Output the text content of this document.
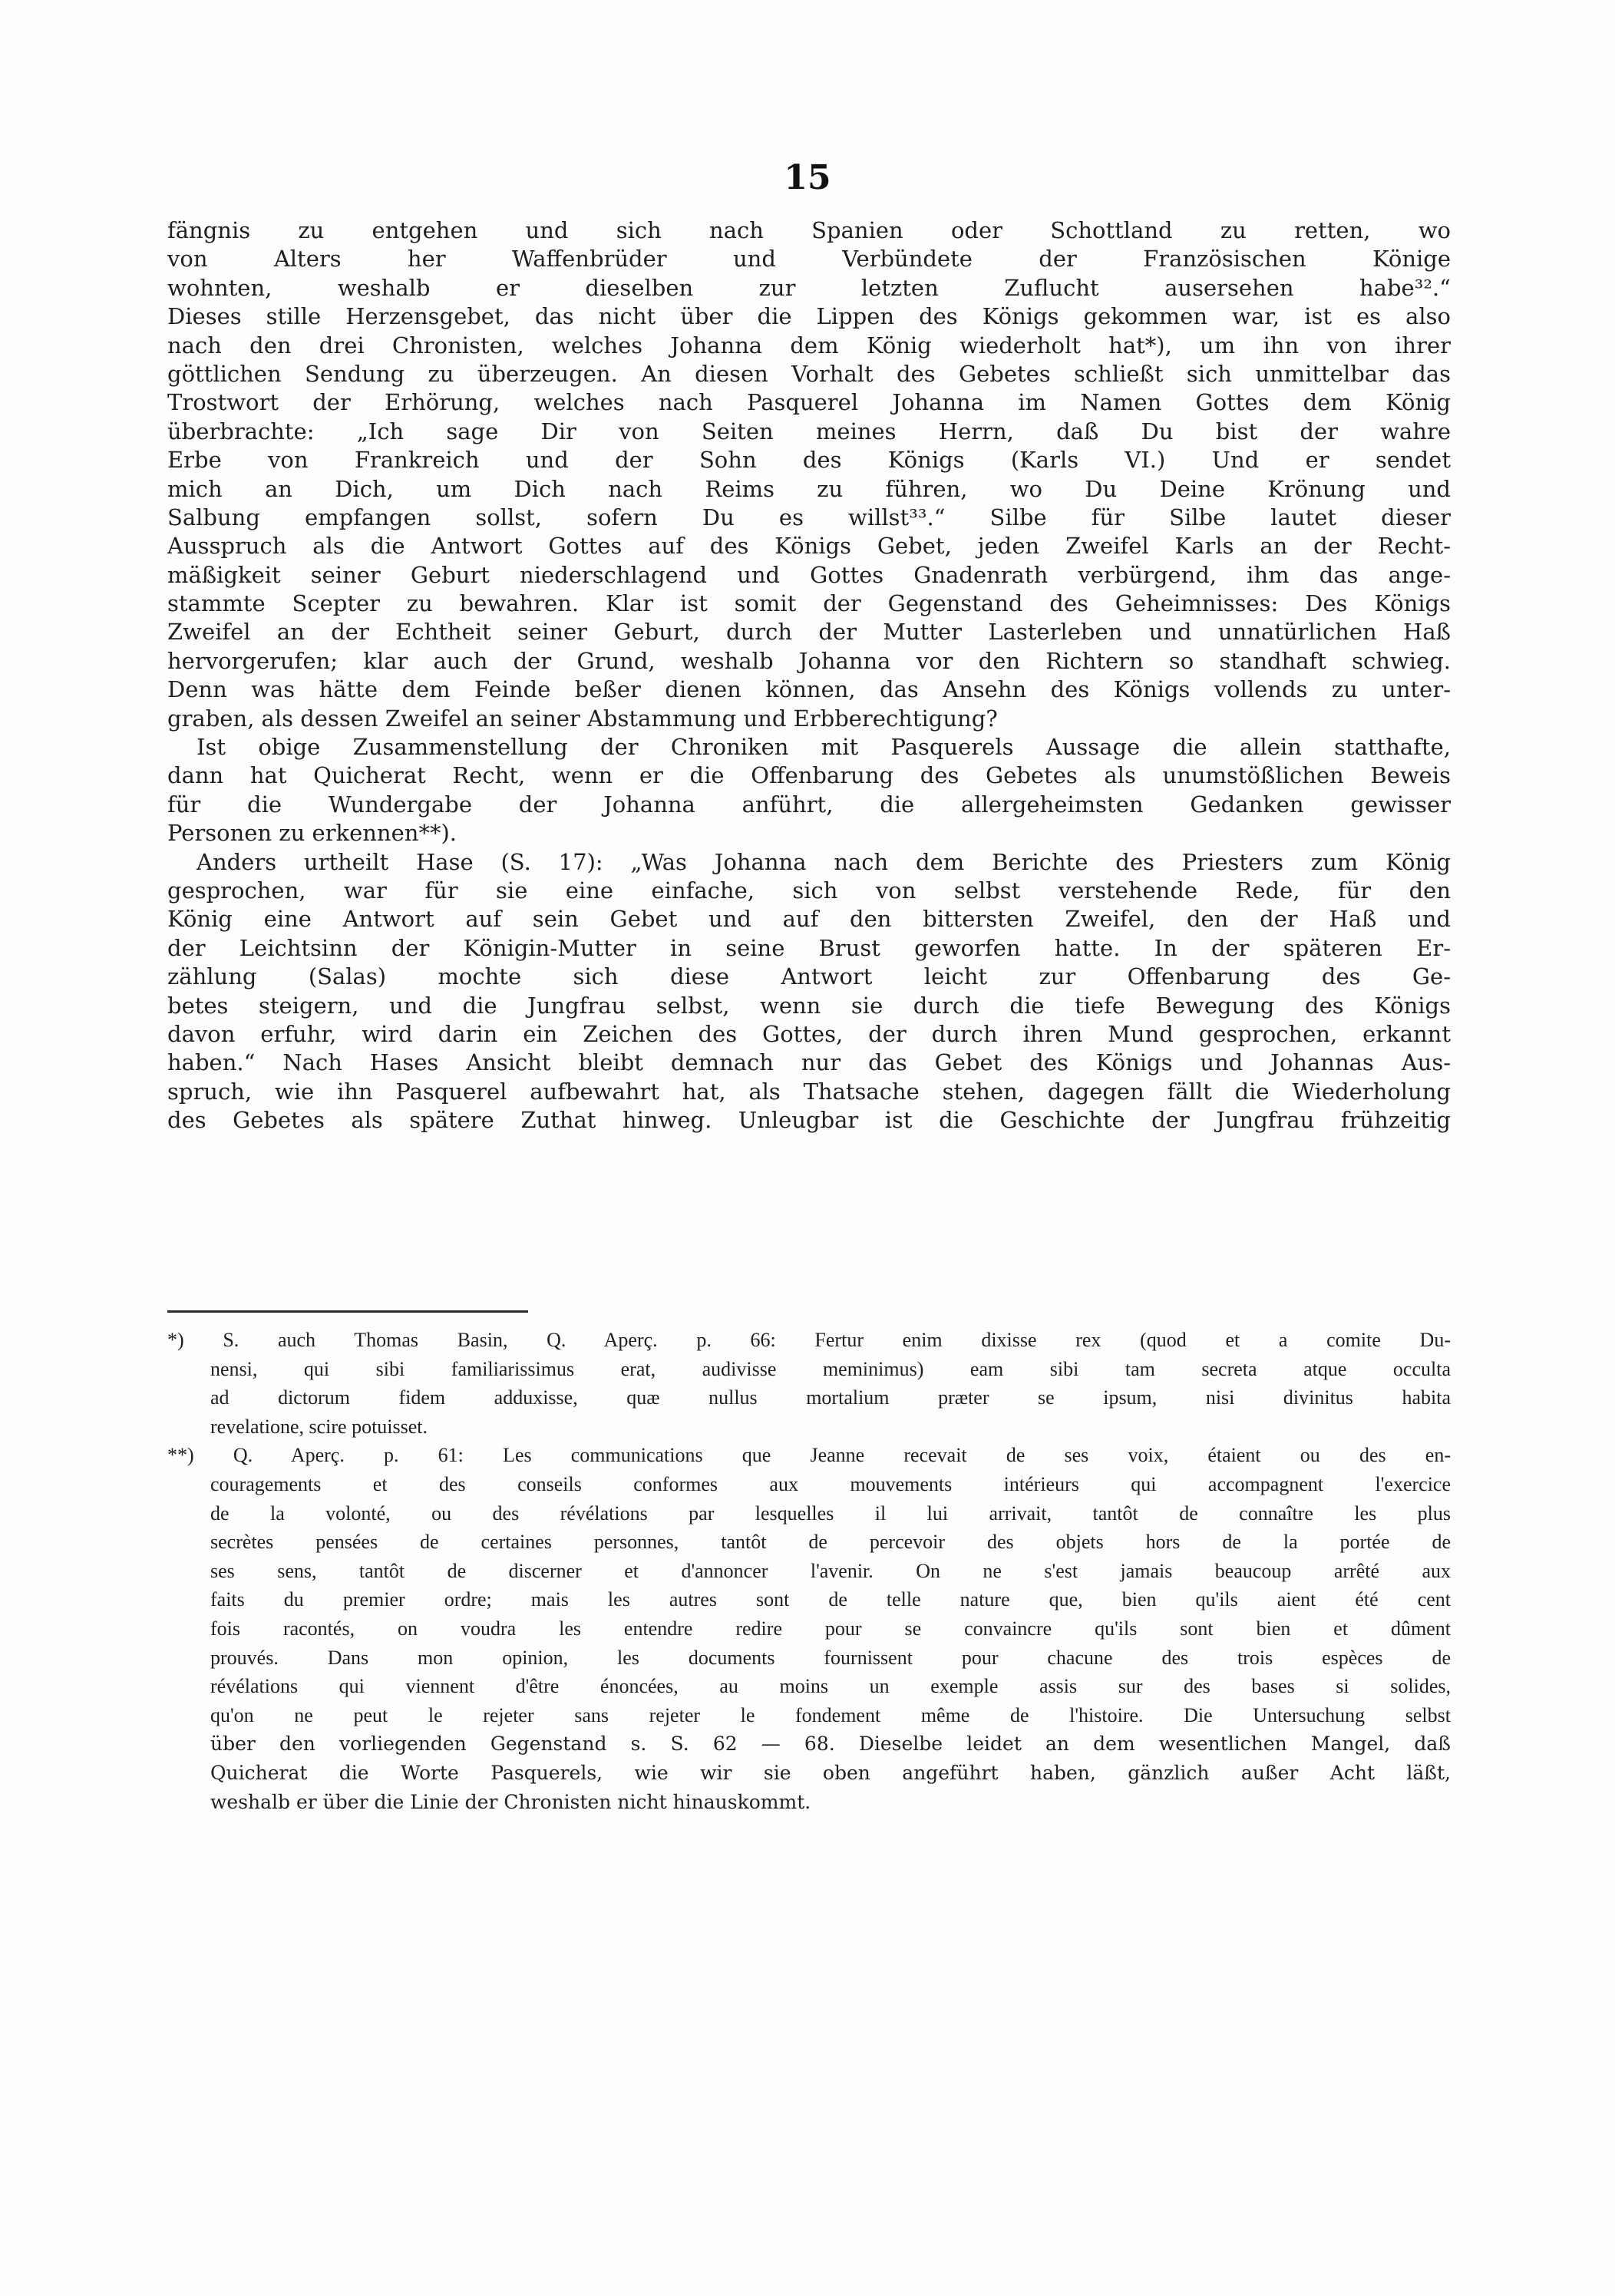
15
fängnis zu entgehen und sich nach Spanien oder Schottland zu retten, wo
von Alters her Waffenbrüder und Verbündete der Französischen Könige
wohnten, weshalb er dieselben zur letzten Zuflucht ausersehen habe³².“
Dieses stille Herzensgebet, das nicht über die Lippen des Königs gekommen war, ist es also
nach den drei Chronisten, welches Johanna dem König wiederholt hat*), um ihn von ihrer
göttlichen Sendung zu überzeugen. An diesen Vorhalt des Gebetes schließt sich unmittelbar das
Trostwort der Erhörung, welches nach Pasquerel Johanna im Namen Gottes dem König
überbrachte: „Ich sage Dir von Seiten meines Herrn, daß Du bist der wahre
Erbe von Frankreich und der Sohn des Königs (Karls VI.) Und er sendet
mich an Dich, um Dich nach Reims zu führen, wo Du Deine Krönung und
Salbung empfangen sollst, sofern Du es willst³³.“ Silbe für Silbe lautet dieser
Ausspruch als die Antwort Gottes auf des Königs Gebet, jeden Zweifel Karls an der Recht-
mäßigkeit seiner Geburt niederschlagend und Gottes Gnadenrath verbürgend, ihm das ange-
stammte Scepter zu bewahren. Klar ist somit der Gegenstand des Geheimnisses: Des Königs
Zweifel an der Echtheit seiner Geburt, durch der Mutter Lasterleben und unnatürlichen Haß
hervorgerufen; klar auch der Grund, weshalb Johanna vor den Richtern so standhaft schwieg.
Denn was hätte dem Feinde beßer dienen können, das Ansehn des Königs vollends zu unter-
graben, als dessen Zweifel an seiner Abstammung und Erbberechtigung?
Ist obige Zusammenstellung der Chroniken mit Pasquerels Aussage die allein statthafte,
dann hat Quicherat Recht, wenn er die Offenbarung des Gebetes als unumstößlichen Beweis
für die Wundergabe der Johanna anführt, die allergeheimsten Gedanken gewisser
Personen zu erkennen**).
Anders urtheilt Hase (S. 17): „Was Johanna nach dem Berichte des Priesters zum König
gesprochen, war für sie eine einfache, sich von selbst verstehende Rede, für den
König eine Antwort auf sein Gebet und auf den bittersten Zweifel, den der Haß und
der Leichtsinn der Königin-Mutter in seine Brust geworfen hatte. In der späteren Er-
zählung (Salas) mochte sich diese Antwort leicht zur Offenbarung des Ge-
betes steigern, und die Jungfrau selbst, wenn sie durch die tiefe Bewegung des Königs
davon erfuhr, wird darin ein Zeichen des Gottes, der durch ihren Mund gesprochen, erkannt
haben.“ Nach Hases Ansicht bleibt demnach nur das Gebet des Königs und Johannas Aus-
spruch, wie ihn Pasquerel aufbewahrt hat, als Thatsache stehen, dagegen fällt die Wiederholung
des Gebetes als spätere Zuthat hinweg. Unleugbar ist die Geschichte der Jungfrau frühzeitig
*) S. auch Thomas Basin, Q. Aperç. p. 66: Fertur enim dixisse rex (quod et a comite Du-
nensi, qui sibi familiarissimus erat, audivisse meminimus) eam sibi tam secreta atque occulta
ad dictorum fidem adduxisse, quæ nullus mortalium præter se ipsum, nisi divinitus habita
revelatione, scire potuisset.
**) Q. Aperç. p. 61: Les communications que Jeanne recevait de ses voix, étaient ou des en-
couragements et des conseils conformes aux mouvements intérieurs qui accompagnent l'exercice
de la volonté, ou des révélations par lesquelles il lui arrivait, tantôt de connaître les plus
secrètes pensées de certaines personnes, tantôt de percevoir des objets hors de la portée de
ses sens, tantôt de discerner et d'annoncer l'avenir. On ne s'est jamais beaucoup arrêté aux
faits du premier ordre; mais les autres sont de telle nature que, bien qu'ils aient été cent
fois racontés, on voudra les entendre redire pour se convaincre qu'ils sont bien et dûment
prouvés. Dans mon opinion, les documents fournissent pour chacune des trois espèces de
révélations qui viennent d'être énoncées, au moins un exemple assis sur des bases si solides,
qu'on ne peut le rejeter sans rejeter le fondement même de l'histoire. Die Untersuchung selbst
über den vorliegenden Gegenstand s. S. 62 — 68. Dieselbe leidet an dem wesentlichen Mangel, daß
Quicherat die Worte Pasquerels, wie wir sie oben angeführt haben, gänzlich außer Acht läßt,
weshalb er über die Linie der Chronisten nicht hinauskommt.
